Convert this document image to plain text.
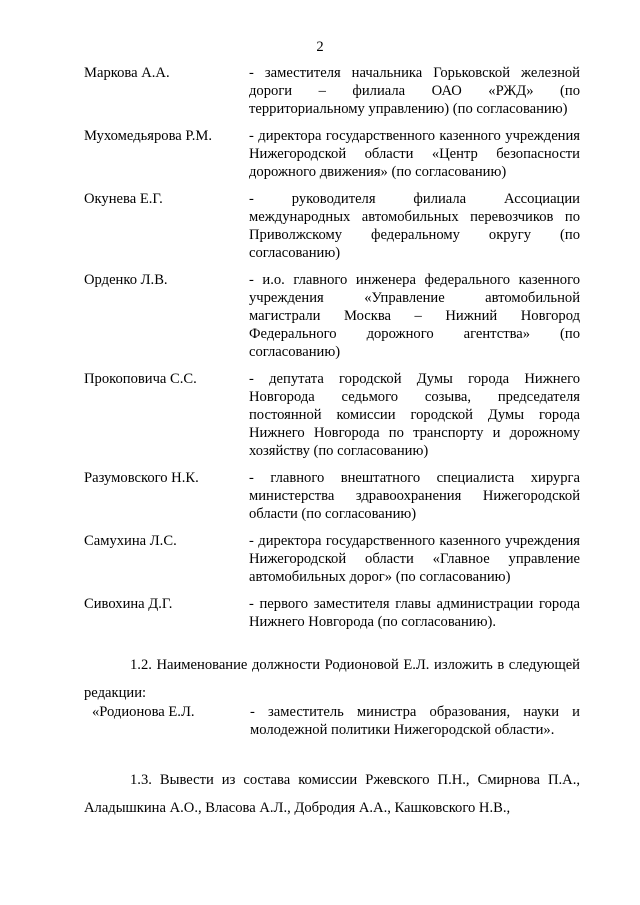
2
Маркова А.А.	- заместителя начальника Горьковской железной дороги – филиала ОАО «РЖД» (по территориальному управлению) (по согласованию)
Мухомедьярова Р.М.	- директора государственного казенного учреждения Нижегородской области «Центр безопасности дорожного движения» (по согласованию)
Окунева Е.Г.	- руководителя филиала Ассоциации международных автомобильных перевозчиков по Приволжскому федеральному округу (по согласованию)
Орденко Л.В.	- и.о. главного инженера федерального казенного учреждения «Управление автомобильной магистрали Москва – Нижний Новгород Федерального дорожного агентства» (по согласованию)
Прокоповича С.С.	- депутата городской Думы города Нижнего Новгорода седьмого созыва, председателя постоянной комиссии городской Думы города Нижнего Новгорода по транспорту и дорожному хозяйству (по согласованию)
Разумовского Н.К.	- главного внештатного специалиста хирурга министерства здравоохранения Нижегородской области (по согласованию)
Самухина Л.С.	- директора государственного казенного учреждения Нижегородской области «Главное управление автомобильных дорог» (по согласованию)
Сивохина Д.Г.	- первого заместителя главы администрации города Нижнего Новгорода (по согласованию).
1.2. Наименование должности Родионовой Е.Л. изложить в следующей редакции:
«Родионова Е.Л.	- заместитель министра образования, науки и молодежной политики Нижегородской области».
1.3. Вывести из состава комиссии Ржевского П.Н., Смирнова П.А., Аладышкина А.О., Власова А.Л., Добродия А.А., Кашковского Н.В.,
